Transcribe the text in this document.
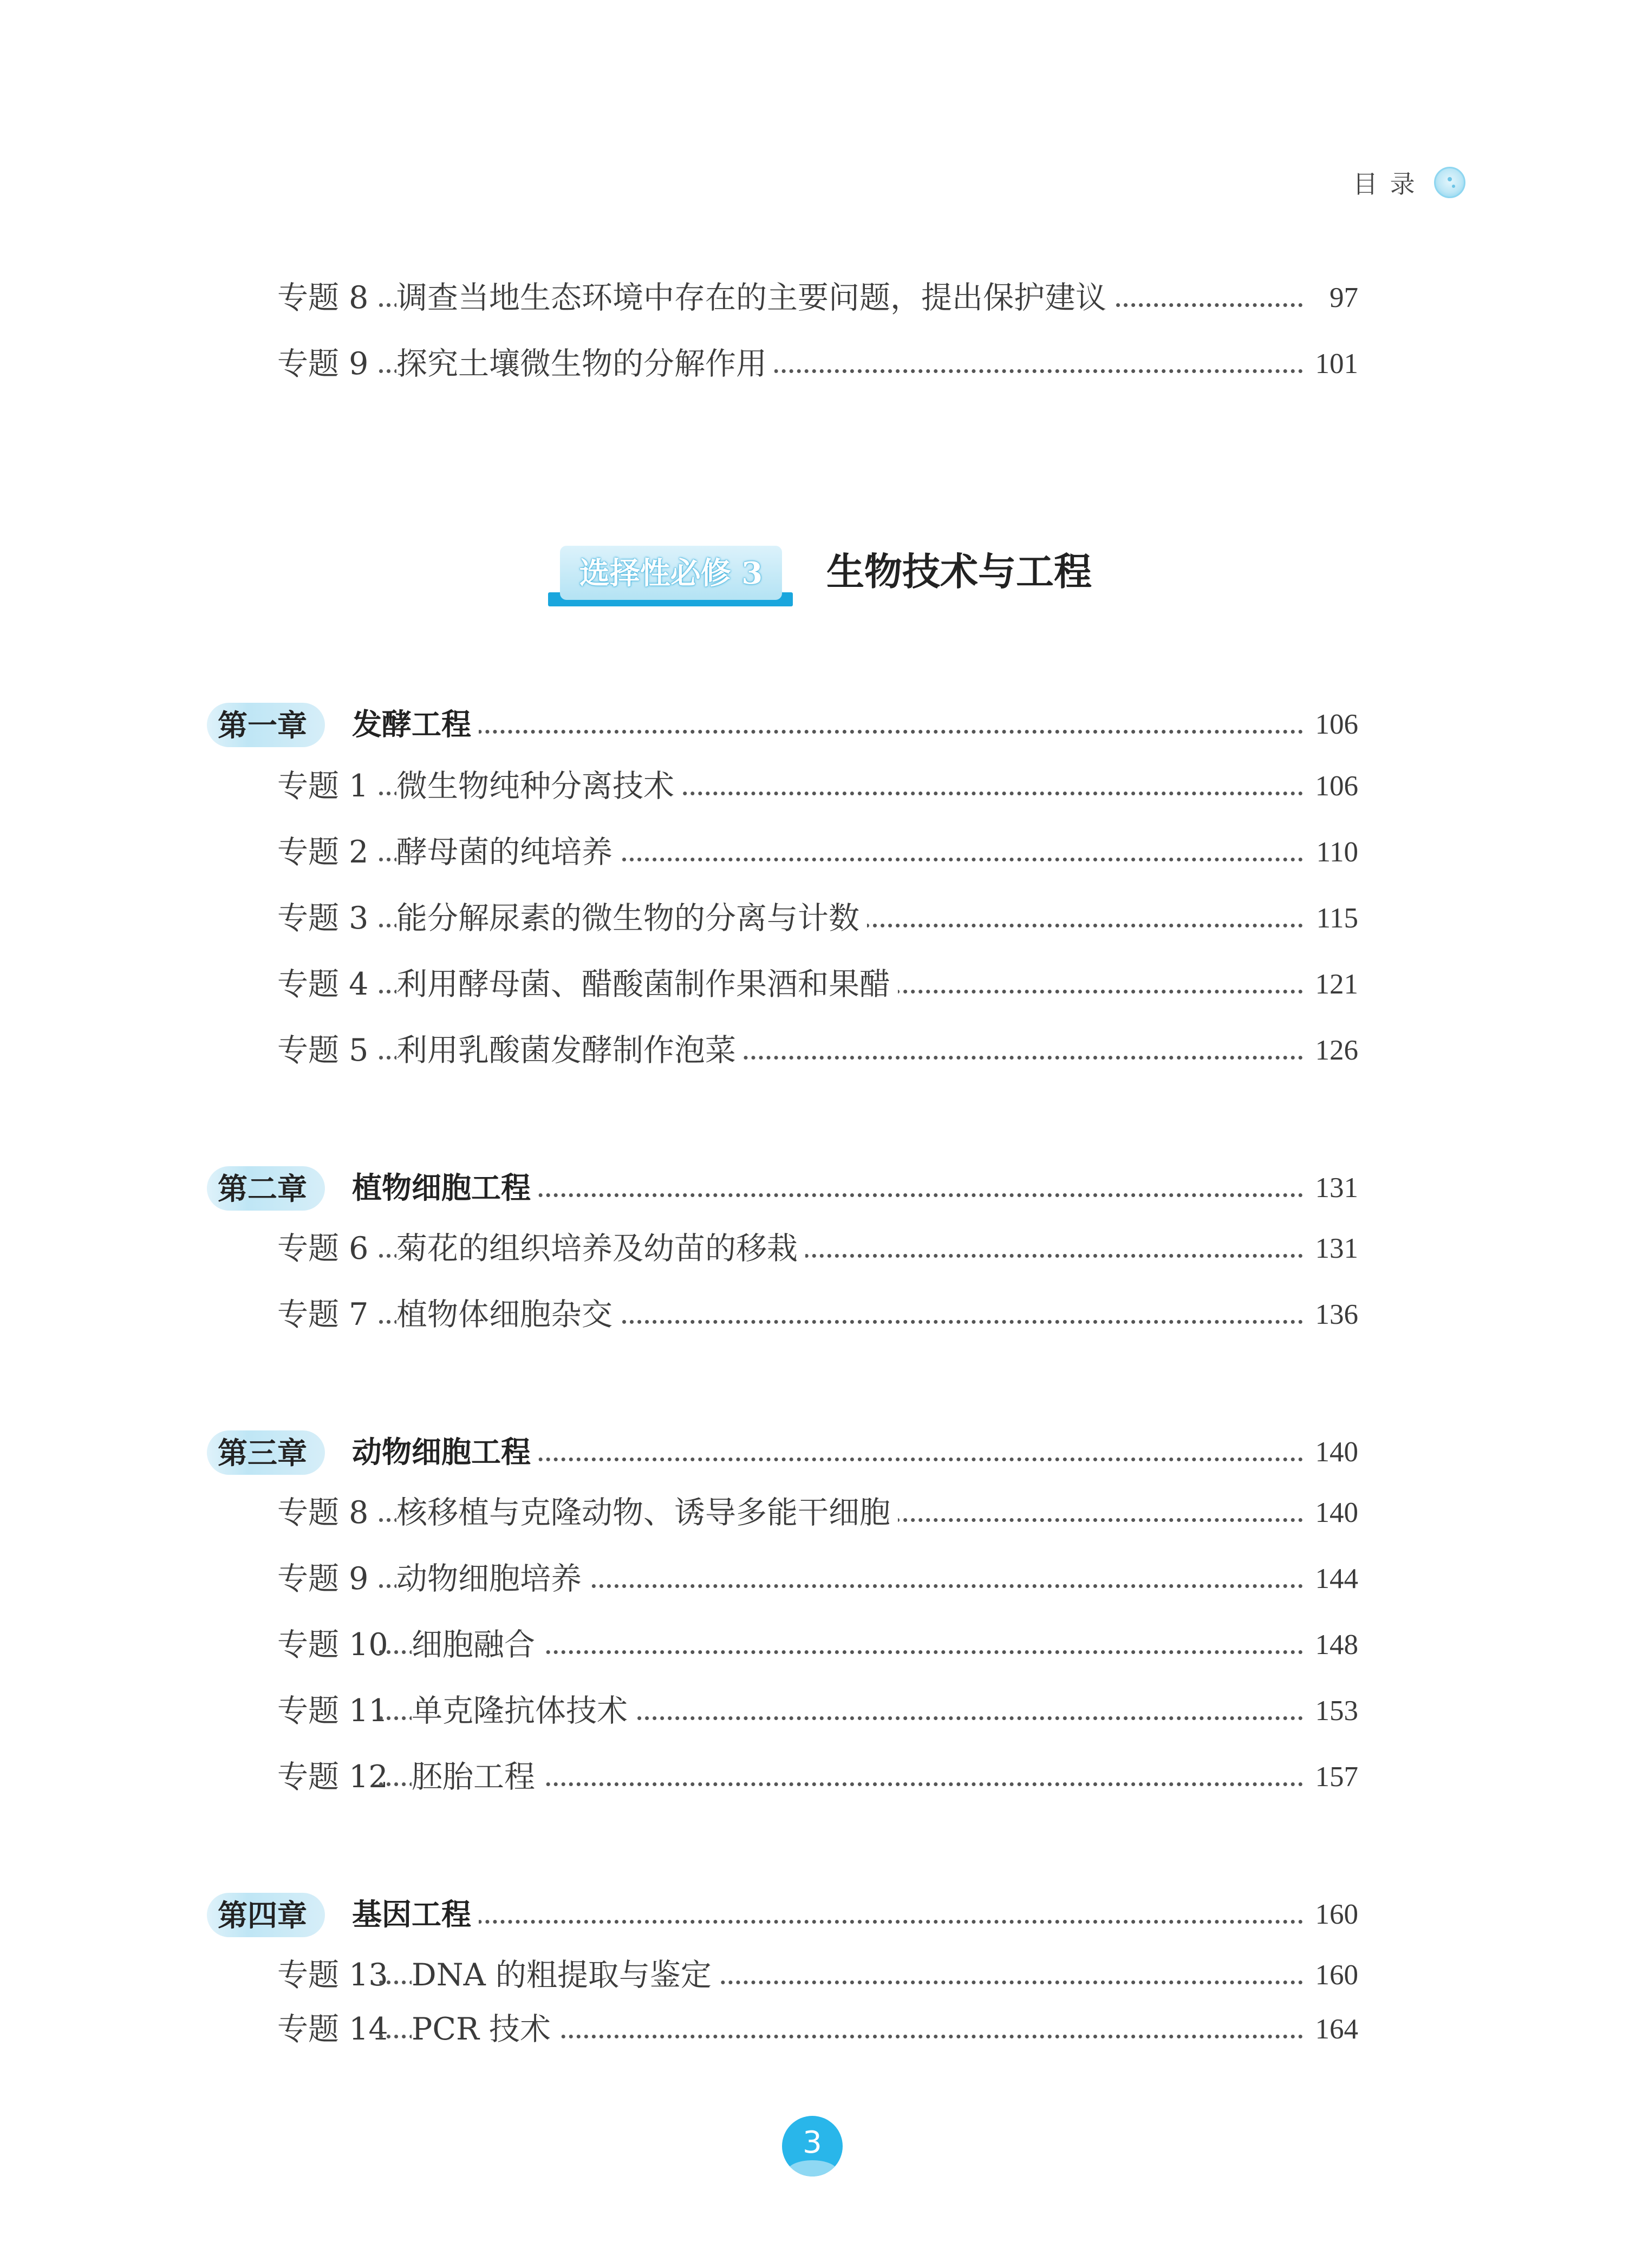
目 录
专题 8 调查当地生态环境中存在的主要问题，提出保护建议	97
专题 9 探究土壤微生物的分解作用	101
选择性必修 3	生物技术与工程
第一章 发酵工程	106
专题 1 微生物纯种分离技术	106
专题 2 酵母菌的纯培养	110
专题 3 能分解尿素的微生物的分离与计数	115
专题 4 利用酵母菌、醋酸菌制作果酒和果醋	121
专题 5 利用乳酸菌发酵制作泡菜	126
第二章 植物细胞工程	131
专题 6 菊花的组织培养及幼苗的移栽	131
专题 7 植物体细胞杂交	136
第三章 动物细胞工程	140
专题 8 核移植与克隆动物、诱导多能干细胞	140
专题 9 动物细胞培养	144
专题 10 细胞融合	148
专题 11 单克隆抗体技术	153
专题 12 胚胎工程	157
第四章 基因工程	160
专题 13 DNA 的粗提取与鉴定	160
专题 14 PCR 技术	164
3
